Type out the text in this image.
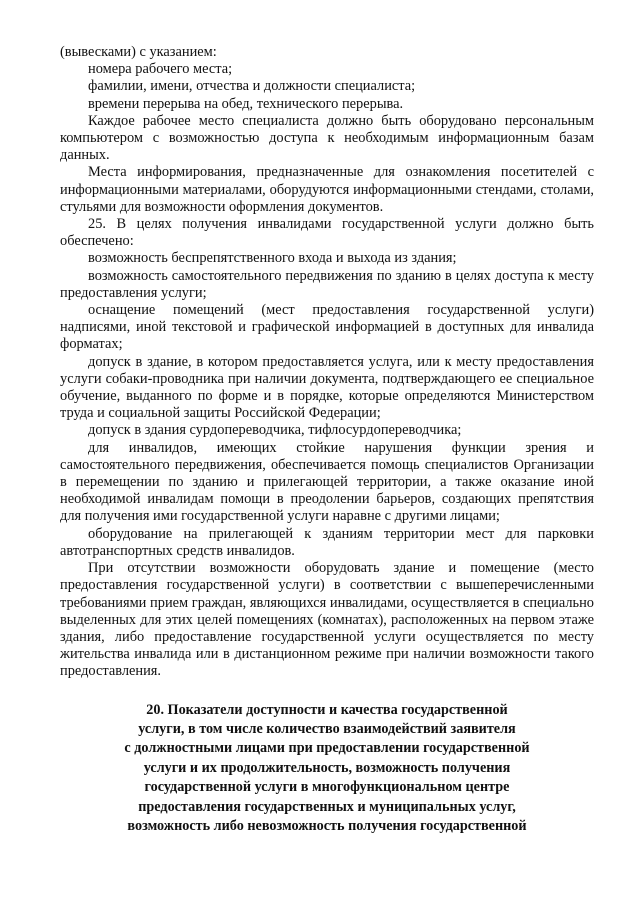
(вывесками) с указанием:

номера рабочего места;

фамилии, имени, отчества и должности специалиста;

времени перерыва на обед, технического перерыва.

Каждое рабочее место специалиста должно быть оборудовано персональным компьютером с возможностью доступа к необходимым информационным базам данных.

Места информирования, предназначенные для ознакомления посетителей с информационными материалами, оборудуются информационными стендами, столами, стульями для возможности оформления документов.

25. В целях получения инвалидами государственной услуги должно быть обеспечено:

возможность беспрепятственного входа и выхода из здания;

возможность самостоятельного передвижения по зданию в целях доступа к месту предоставления услуги;

оснащение помещений (мест предоставления государственной услуги) надписями, иной текстовой и графической информацией в доступных для инвалида форматах;

допуск в здание, в котором предоставляется услуга, или к месту предоставления услуги собаки-проводника при наличии документа, подтверждающего ее специальное обучение, выданного по форме и в порядке, которые определяются Министерством труда и социальной защиты Российской Федерации;

допуск в здания сурдопереводчика, тифлосурдопереводчика;

для инвалидов, имеющих стойкие нарушения функции зрения и самостоятельного передвижения, обеспечивается помощь специалистов Организации в перемещении по зданию и прилегающей территории, а также оказание иной необходимой инвалидам помощи в преодолении барьеров, создающих препятствия для получения ими государственной услуги наравне с другими лицами;

оборудование на прилегающей к зданиям территории мест для парковки автотранспортных средств инвалидов.

При отсутствии возможности оборудовать здание и помещение (место предоставления государственной услуги) в соответствии с вышеперечисленными требованиями прием граждан, являющихся инвалидами, осуществляется в специально выделенных для этих целей помещениях (комнатах), расположенных на первом этаже здания, либо предоставление государственной услуги осуществляется по месту жительства инвалида или в дистанционном режиме при наличии возможности такого предоставления.

20. Показатели доступности и качества государственной
услуги, в том числе количество взаимодействий заявителя
с должностными лицами при предоставлении государственной
услуги и их продолжительность, возможность получения
государственной услуги в многофункциональном центре
предоставления государственных и муниципальных услуг,
возможность либо невозможность получения государственной
